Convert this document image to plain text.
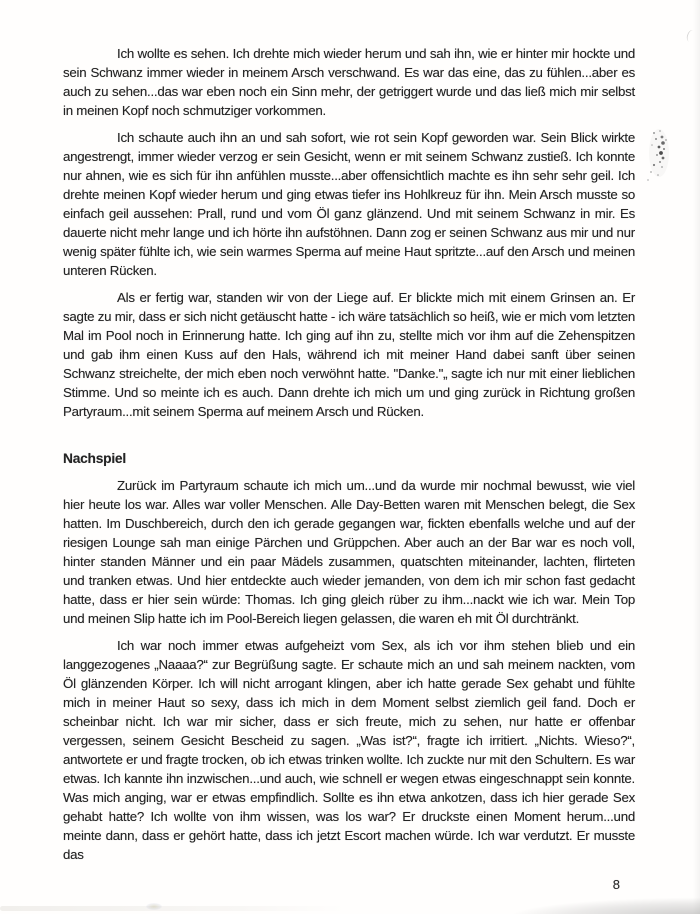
Ich wollte es sehen. Ich drehte mich wieder herum und sah ihn, wie er hinter mir hockte und sein Schwanz immer wieder in meinem Arsch verschwand. Es war das eine, das zu fühlen...aber es auch zu sehen...das war eben noch ein Sinn mehr, der getriggert wurde und das ließ mich mir selbst in meinen Kopf noch schmutziger vorkommen.

Ich schaute auch ihn an und sah sofort, wie rot sein Kopf geworden war. Sein Blick wirkte angestrengt, immer wieder verzog er sein Gesicht, wenn er mit seinem Schwanz zustieß. Ich konnte nur ahnen, wie es sich für ihn anfühlen musste...aber offensichtlich machte es ihn sehr sehr geil. Ich drehte meinen Kopf wieder herum und ging etwas tiefer ins Hohlkreuz für ihn. Mein Arsch musste so einfach geil aussehen: Prall, rund und vom Öl ganz glänzend. Und mit seinem Schwanz in mir. Es dauerte nicht mehr lange und ich hörte ihn aufstöhnen. Dann zog er seinen Schwanz aus mir und nur wenig später fühlte ich, wie sein warmes Sperma auf meine Haut spritzte...auf den Arsch und meinen unteren Rücken.

Als er fertig war, standen wir von der Liege auf. Er blickte mich mit einem Grinsen an. Er sagte zu mir, dass er sich nicht getäuscht hatte - ich wäre tatsächlich so heiß, wie er mich vom letzten Mal im Pool noch in Erinnerung hatte. Ich ging auf ihn zu, stellte mich vor ihm auf die Zehenspitzen und gab ihm einen Kuss auf den Hals, während ich mit meiner Hand dabei sanft über seinen Schwanz streichelte, der mich eben noch verwöhnt hatte. "Danke."„ sagte ich nur mit einer lieblichen Stimme. Und so meinte ich es auch. Dann drehte ich mich um und ging zurück in Richtung großen Partyraum...mit seinem Sperma auf meinem Arsch und Rücken.

Nachspiel

Zurück im Partyraum schaute ich mich um...und da wurde mir nochmal bewusst, wie viel hier heute los war. Alles war voller Menschen. Alle Day-Betten waren mit Menschen belegt, die Sex hatten. Im Duschbereich, durch den ich gerade gegangen war, fickten ebenfalls welche und auf der riesigen Lounge sah man einige Pärchen und Grüppchen. Aber auch an der Bar war es noch voll, hinter standen Männer und ein paar Mädels zusammen, quatschten miteinander, lachten, flirteten und tranken etwas. Und hier entdeckte auch wieder jemanden, von dem ich mir schon fast gedacht hatte, dass er hier sein würde: Thomas. Ich ging gleich rüber zu ihm...nackt wie ich war. Mein Top und meinen Slip hatte ich im Pool-Bereich liegen gelassen, die waren eh mit Öl durchtränkt.

Ich war noch immer etwas aufgeheizt vom Sex, als ich vor ihm stehen blieb und ein langgezogenes „Naaaa?“ zur Begrüßung sagte. Er schaute mich an und sah meinem nackten, vom Öl glänzenden Körper. Ich will nicht arrogant klingen, aber ich hatte gerade Sex gehabt und fühlte mich in meiner Haut so sexy, dass ich mich in dem Moment selbst ziemlich geil fand. Doch er scheinbar nicht. Ich war mir sicher, dass er sich freute, mich zu sehen, nur hatte er offenbar vergessen, seinem Gesicht Bescheid zu sagen. „Was ist?“, fragte ich irritiert. „Nichts. Wieso?“, antwortete er und fragte trocken, ob ich etwas trinken wollte. Ich zuckte nur mit den Schultern. Es war etwas. Ich kannte ihn inzwischen...und auch, wie schnell er wegen etwas eingeschnappt sein konnte. Was mich anging, war er etwas empfindlich. Sollte es ihn etwa ankotzen, dass ich hier gerade Sex gehabt hatte? Ich wollte von ihm wissen, was los war? Er druckste einen Moment herum...und meinte dann, dass er gehört hatte, dass ich jetzt Escort machen würde. Ich war verdutzt. Er musste das

8
